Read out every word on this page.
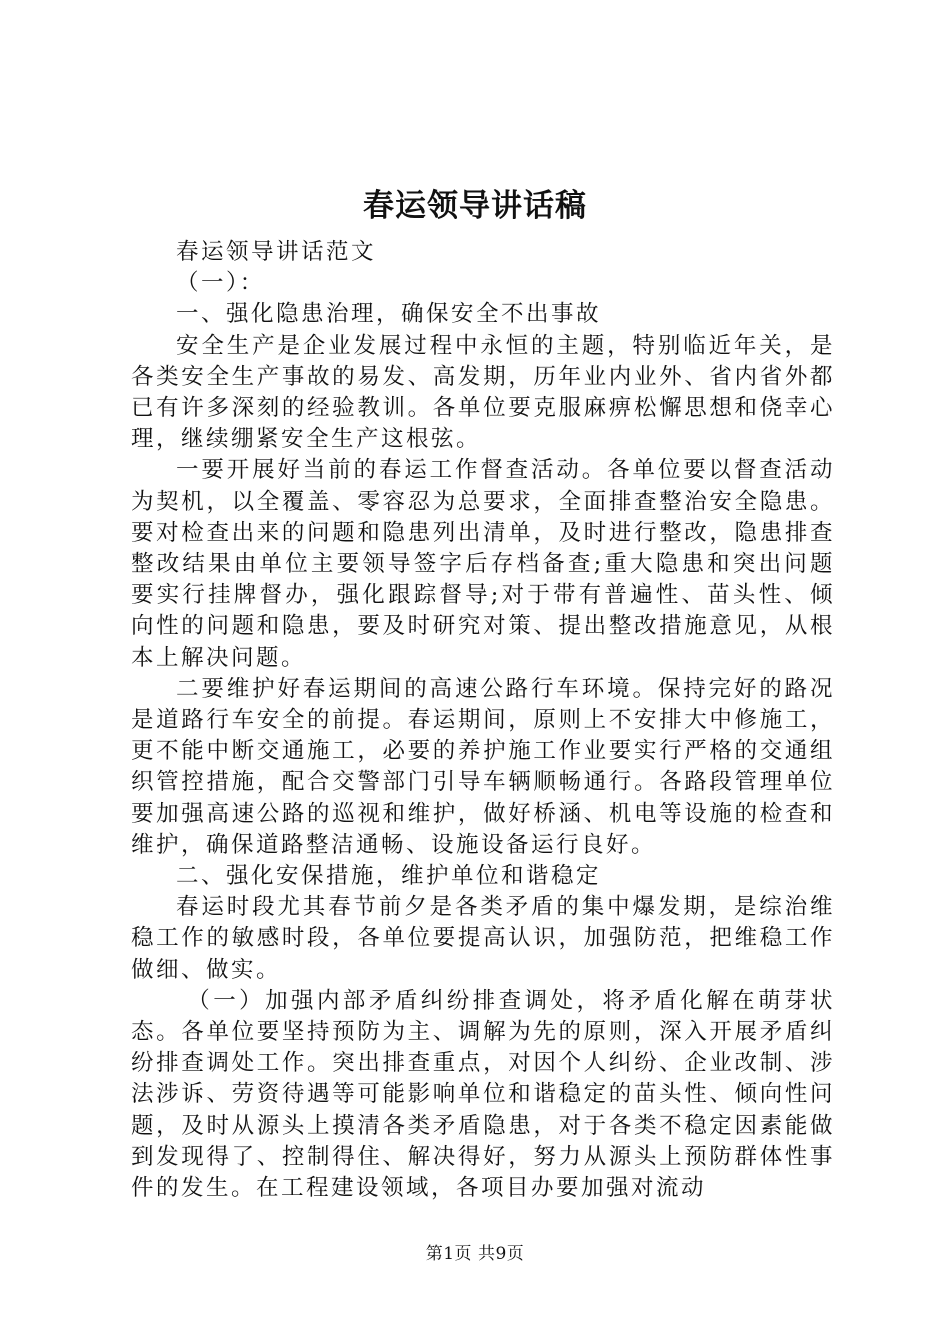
春运领导讲话稿

春运领导讲话范文

（一）：

一、强化隐患治理，确保安全不出事故

安全生产是企业发展过程中永恒的主题，特别临近年关，是各类安全生产事故的易发、高发期，历年业内业外、省内省外都已有许多深刻的经验教训。各单位要克服麻痹松懈思想和侥幸心理，继续绷紧安全生产这根弦。

一要开展好当前的春运工作督查活动。各单位要以督查活动为契机，以全覆盖、零容忍为总要求，全面排查整治安全隐患。要对检查出来的问题和隐患列出清单，及时进行整改，隐患排查整改结果由单位主要领导签字后存档备查;重大隐患和突出问题要实行挂牌督办，强化跟踪督导;对于带有普遍性、苗头性、倾向性的问题和隐患，要及时研究对策、提出整改措施意见，从根本上解决问题。

二要维护好春运期间的高速公路行车环境。保持完好的路况是道路行车安全的前提。春运期间，原则上不安排大中修施工，更不能中断交通施工，必要的养护施工作业要实行严格的交通组织管控措施，配合交警部门引导车辆顺畅通行。各路段管理单位要加强高速公路的巡视和维护，做好桥涵、机电等设施的检查和维护，确保道路整洁通畅、设施设备运行良好。

二、强化安保措施，维护单位和谐稳定

春运时段尤其春节前夕是各类矛盾的集中爆发期，是综治维稳工作的敏感时段，各单位要提高认识，加强防范，把维稳工作做细、做实。

（一）加强内部矛盾纠纷排查调处，将矛盾化解在萌芽状态。各单位要坚持预防为主、调解为先的原则，深入开展矛盾纠纷排查调处工作。突出排查重点，对因个人纠纷、企业改制、涉法涉诉、劳资待遇等可能影响单位和谐稳定的苗头性、倾向性问题，及时从源头上摸清各类矛盾隐患，对于各类不稳定因素能做到发现得了、控制得住、解决得好，努力从源头上预防群体性事件的发生。在工程建设领域，各项目办要加强对流动

第1页 共9页
